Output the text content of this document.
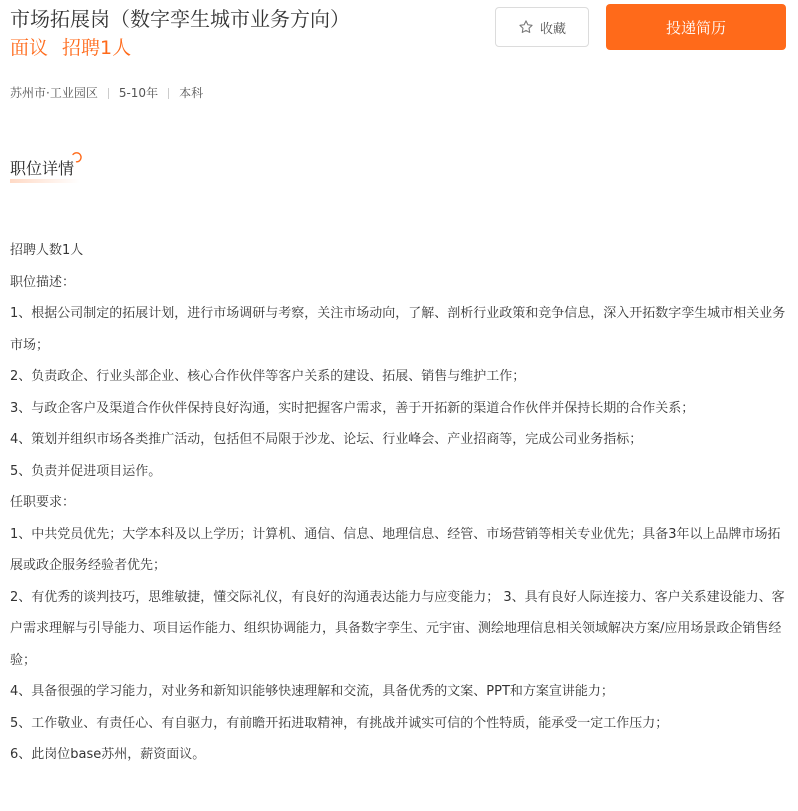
市场拓展岗（数字孪生城市业务方向）
面议 招聘1人
收藏	投递简历
苏州市·工业园区 5-10年 本科
职位详情

招聘人数1人

职位描述：

1、根据公司制定的拓展计划，进行市场调研与考察，关注市场动向，了解、剖析行业政策和竞争信息，深入开拓数字孪生城市相关业务市场；

2、负责政企、行业头部企业、核心合作伙伴等客户关系的建设、拓展、销售与维护工作；

3、与政企客户及渠道合作伙伴保持良好沟通，实时把握客户需求，善于开拓新的渠道合作伙伴并保持长期的合作关系；

4、策划并组织市场各类推广活动，包括但不局限于沙龙、论坛、行业峰会、产业招商等，完成公司业务指标；

5、负责并促进项目运作。

任职要求：

1、中共党员优先；大学本科及以上学历；计算机、通信、信息、地理信息、经管、市场营销等相关专业优先；具备3年以上品牌市场拓展或政企服务经验者优先；

2、有优秀的谈判技巧，思维敏捷，懂交际礼仪，有良好的沟通表达能力与应变能力； 3、具有良好人际连接力、客户关系建设能力、客户需求理解与引导能力、项目运作能力、组织协调能力，具备数字孪生、元宇宙、测绘地理信息相关领域解决方案/应用场景政企销售经验；

4、具备很强的学习能力，对业务和新知识能够快速理解和交流，具备优秀的文案、PPT和方案宣讲能力；

5、工作敬业、有责任心、有自驱力，有前瞻开拓进取精神，有挑战并诚实可信的个性特质，能承受一定工作压力；

6、此岗位base苏州，薪资面议。
